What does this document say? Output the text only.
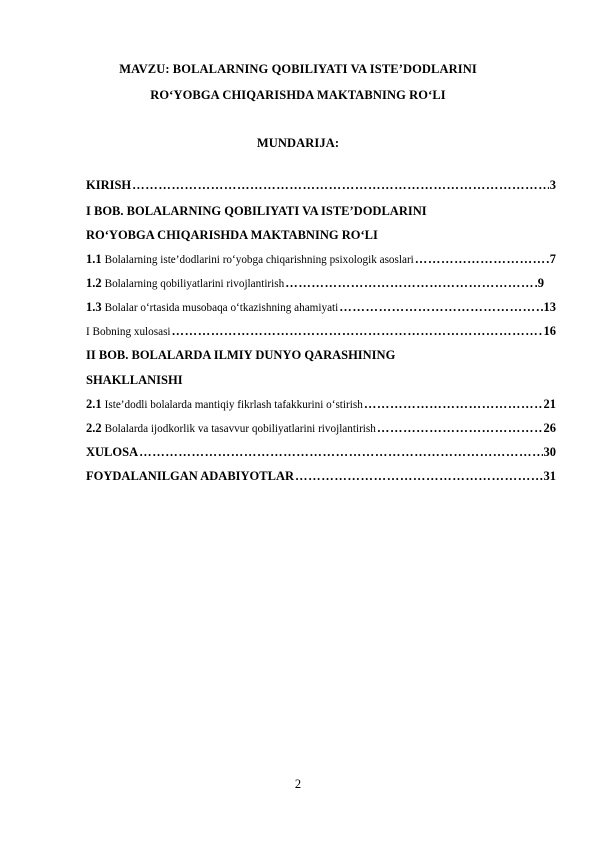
MAVZU: BOLALARNING QOBILIYATI VA ISTE’DODLARINI
RO‘YOBGA CHIQARISHDA MAKTABNING RO‘LI
MUNDARIJA:
KIRISH ……………………………………………………………………………………………………………………………………………………	3
I BOB. BOLALARNING QOBILIYATI VA ISTE’DODLARINI
RO‘YOBGA CHIQARISHDA MAKTABNING RO‘LI
1.1 Bolalarning iste’dodlarini ro‘yobga chiqarishning psixologik asoslari ……………………………………………………………………………………………………………………………………………………	7
1.2 Bolalarning qobiliyatlarini rivojlantirish ……………………………………………………………………………………………………………………………………………………	9
1.3 Bolalar o‘rtasida musobaqa o‘tkazishning ahamiyati ……………………………………………………………………………………………………………………………………………………	13
I Bobning xulosasi ……………………………………………………………………………………………………………………………………………………	16
II BOB. BOLALARDA ILMIY DUNYO QARASHINING
SHAKLLANISHI
2.1 Iste’dodli bolalarda mantiqiy fikrlash tafakkurini o‘stirish ……………………………………………………………………………………………………………………………………………………	21
2.2 Bolalarda ijodkorlik va tasavvur qobiliyatlarini rivojlantirish ……………………………………………………………………………………………………………………………………………………	26
XULOSA ……………………………………………………………………………………………………………………………………………………	30
FOYDALANILGAN ADABIYOTLAR ……………………………………………………………………………………………………………………………………………………	31
2
